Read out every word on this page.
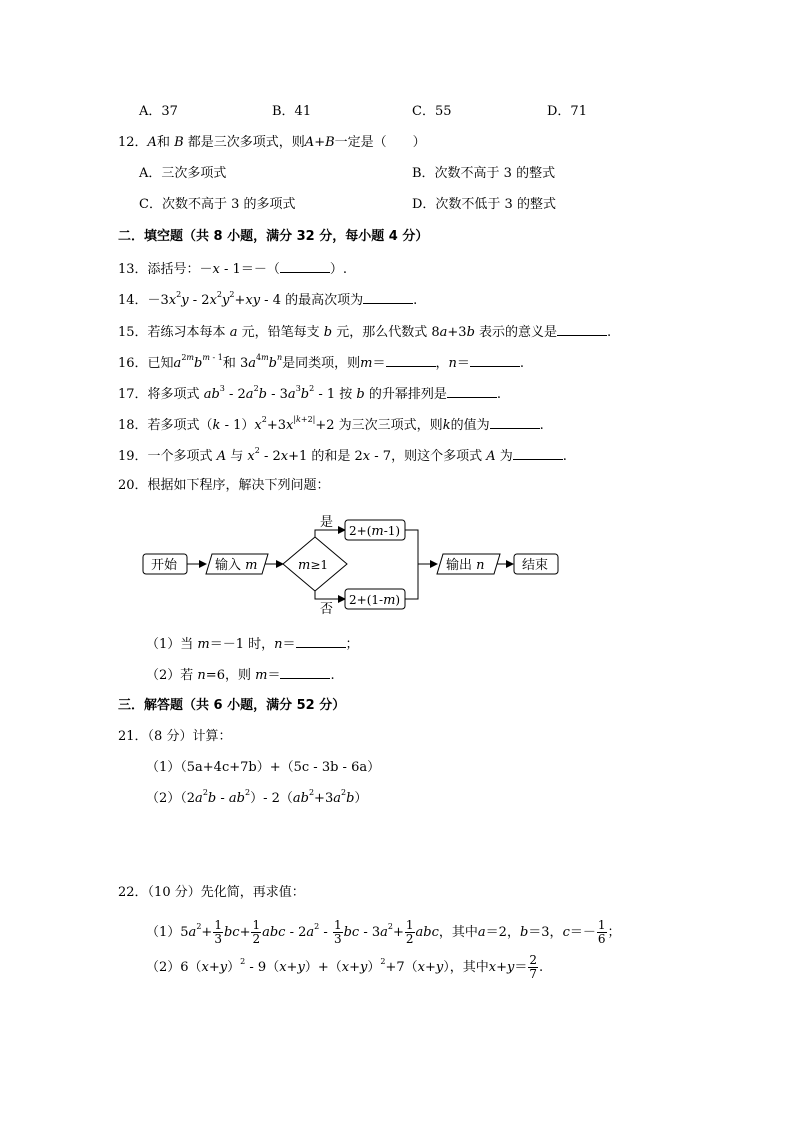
A．37	B．41	C．55	D．71
12．A和 B 都是三次多项式，则A+B一定是（　　）
A．三次多项式	B．次数不高于 3 的整式
C．次数不高于 3 的多项式	D．次数不低于 3 的整式
二．填空题（共 8 小题，满分 32 分，每小题 4 分）
13．添括号：－x - 1＝－（	）.
14．$-3x^2y - 2x^2y^2+xy - 4$ 的最高次项为	.
15．若练习本每本 a 元，铅笔每支 b 元，那么代数式 8a+3b 表示的意义是	.
16．已知$a^{2m}b^{m - 1}$和 $3a^{4m}b^n$是同类项，则m＝	，n＝	.
17．将多项式 $ab^3 - 2a^2b - 3a^3b^2 - 1$ 按 b 的升幂排列是	.
18．若多项式$(k - 1)x^2+3x^{|k+2|}+2$ 为三次三项式，则k的值为	.
19．一个多项式 A 与 $x^2 - 2x+1$ 的和是 2x - 7，则这个多项式 A 为	.
20．根据如下程序，解决下列问题：
开始	输入 m	m≥1
是
2+(m-1)
否
2+(1-m)
输出 n	结束
（1）当 m＝－1 时，n＝	；
（2）若 n=6，则 m＝	.
三．解答题（共 6 小题，满分 52 分）
21．（8 分）计算：
（1）（5a+4c+7b）+（5c - 3b - 6a）
$(2)(2a^2b - ab^2)-$ $2(ab^2+3a^2b)$
22．（10 分）先化简，再求值：
$(1)5a^2+ \frac{1}{3} bc+ \frac{1}{2}$ abc - $2a^2 - \frac{1}{3}$ bc - $3a^2+ \frac{1}{2}$ abc，其中a＝2，b＝3，$c=- \frac{1}{6}$ ；
$(2)6(x+y)^2 - 9(x+y)+(x+y)^2+7(x+y)$，其中$x+y= \frac{2}{7}$ .
